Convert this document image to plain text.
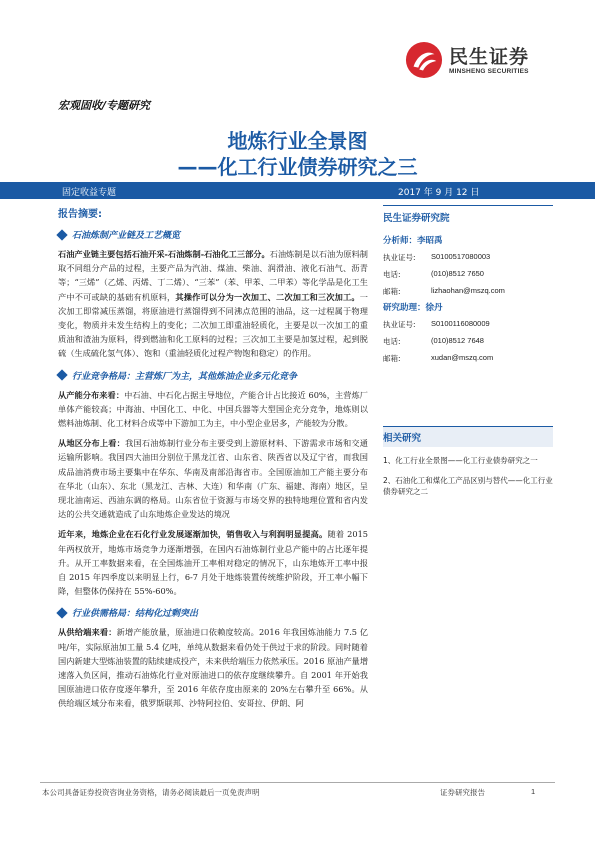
民生证券
MINSHENG SECURITIES
宏观固收/专题研究
地炼行业全景图
——化工行业债券研究之三
固定收益专题	2017 年 9 月 12 日
报告摘要:
石油炼制产业链及工艺概览

石油产业链主要包括石油开采-石油炼制-石油化工三部分。石油炼制是以石油为原料制取不同组分产品的过程，主要产品为汽油、煤油、柴油、润滑油、液化石油气、沥青等；“三烯”（乙烯、丙烯、丁二烯）、“三苯”（苯、甲苯、二甲苯）等化学品是化工生产中不可或缺的基础有机原料，其操作可以分为一次加工、二次加工和三次加工。一次加工即常减压蒸馏，将原油进行蒸馏得到不同沸点范围的油品，这一过程属于物理变化，物质并未发生结构上的变化；二次加工即重油轻质化，主要是以一次加工的重质油和渣油为原料，得到燃油和化工原料的过程；三次加工主要是加氢过程，起到脱硫（生成硫化氢气体）、饱和（重油轻质化过程产物饱和稳定）的作用。

行业竞争格局：主营炼厂为主，其他炼油企业多元化竞争

从产能分布来看：中石油、中石化占据主导地位，产能合计占比接近 60%，主营炼厂单体产能较高；中海油、中国化工、中化、中国兵器等大型国企充分竞争，地炼则以燃料油炼制、化工材料合成等中下游加工为主，中小型企业居多，产能较为分散。

从地区分布上看：我国石油炼制行业分布主要受到上游原材料、下游需求市场和交通运输所影响。我国四大油田分别位于黑龙江省、山东省、陕西省以及辽宁省，而我国成品油消费市场主要集中在华东、华南及南部沿海省市。全国原油加工产能主要分布在华北（山东）、东北（黑龙江、吉林、大连）和华南（广东、福建、海南）地区，呈现北油南运、西油东调的格局。山东省位于资源与市场交界的独特地理位置和省内发达的公共交通就造成了山东地炼企业发达的境况

近年来，地炼企业在石化行业发展逐渐加快，销售收入与利润明显提高。随着 2015 年两权放开，地炼市场竞争力逐渐增强，在国内石油炼制行业总产能中的占比逐年提升。从开工率数据来看，在全国炼油开工率相对稳定的情况下，山东地炼开工率中报自 2015 年四季度以来明显上行，6-7 月处于地炼装置传统维护阶段，开工率小幅下降，但整体仍保持在 55%-60%。

行业供需格局：结构化过剩突出

从供给端来看：新增产能放量，原油进口依赖度较高。2016 年我国炼油能力 7.5 亿吨/年，实际原油加工量 5.4 亿吨，单纯从数据来看仍处于供过于求的阶段。同时随着国内新建大型炼油装置的陆续建成投产，未来供给端压力依然承压。2016 原油产量增速落入负区间，推动石油炼化行业对原油进口的依存度继续攀升。自 2001 年开始我国原油进口依存度逐年攀升，至 2016 年依存度由原来的 20%左右攀升至 66%。从供给端区域分布来看，俄罗斯联邦、沙特阿拉伯、安哥拉、伊朗、阿

民生证券研究院
分析师：李昭禹
执业证号:	S0100517080003
电话:	(010)8512 7650
邮箱:	lizhaohan@mszq.com
研究助理：徐丹
执业证号:	S0100116080009
电话:	(010)8512 7648
邮箱:	xudan@mszq.com
相关研究
1、化工行业全景图——化工行业债券研究之一
2、石油化工和煤化工产品区别与替代——化工行业债券研究之二
本公司具备证券投资咨询业务资格，请务必阅读最后一页免责声明	证券研究报告	1
